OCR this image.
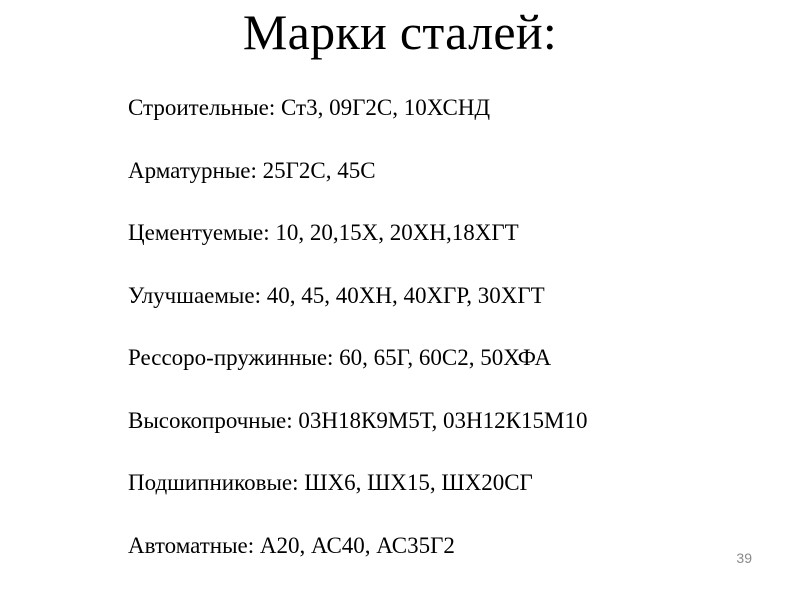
Марки сталей:
Строительные: Ст3, 09Г2С, 10ХСНД
Арматурные: 25Г2С, 45С
Цементуемые: 10, 20,15Х, 20ХН,18ХГТ
Улучшаемые: 40, 45, 40ХН, 40ХГР, 30ХГТ
Рессоро-пружинные: 60, 65Г, 60С2, 50ХФА
Высокопрочные: 03Н18К9М5Т, 03Н12К15М10
Подшипниковые: ШХ6, ШХ15, ШХ20СГ
Автоматные: А20, АС40, АС35Г2
39
